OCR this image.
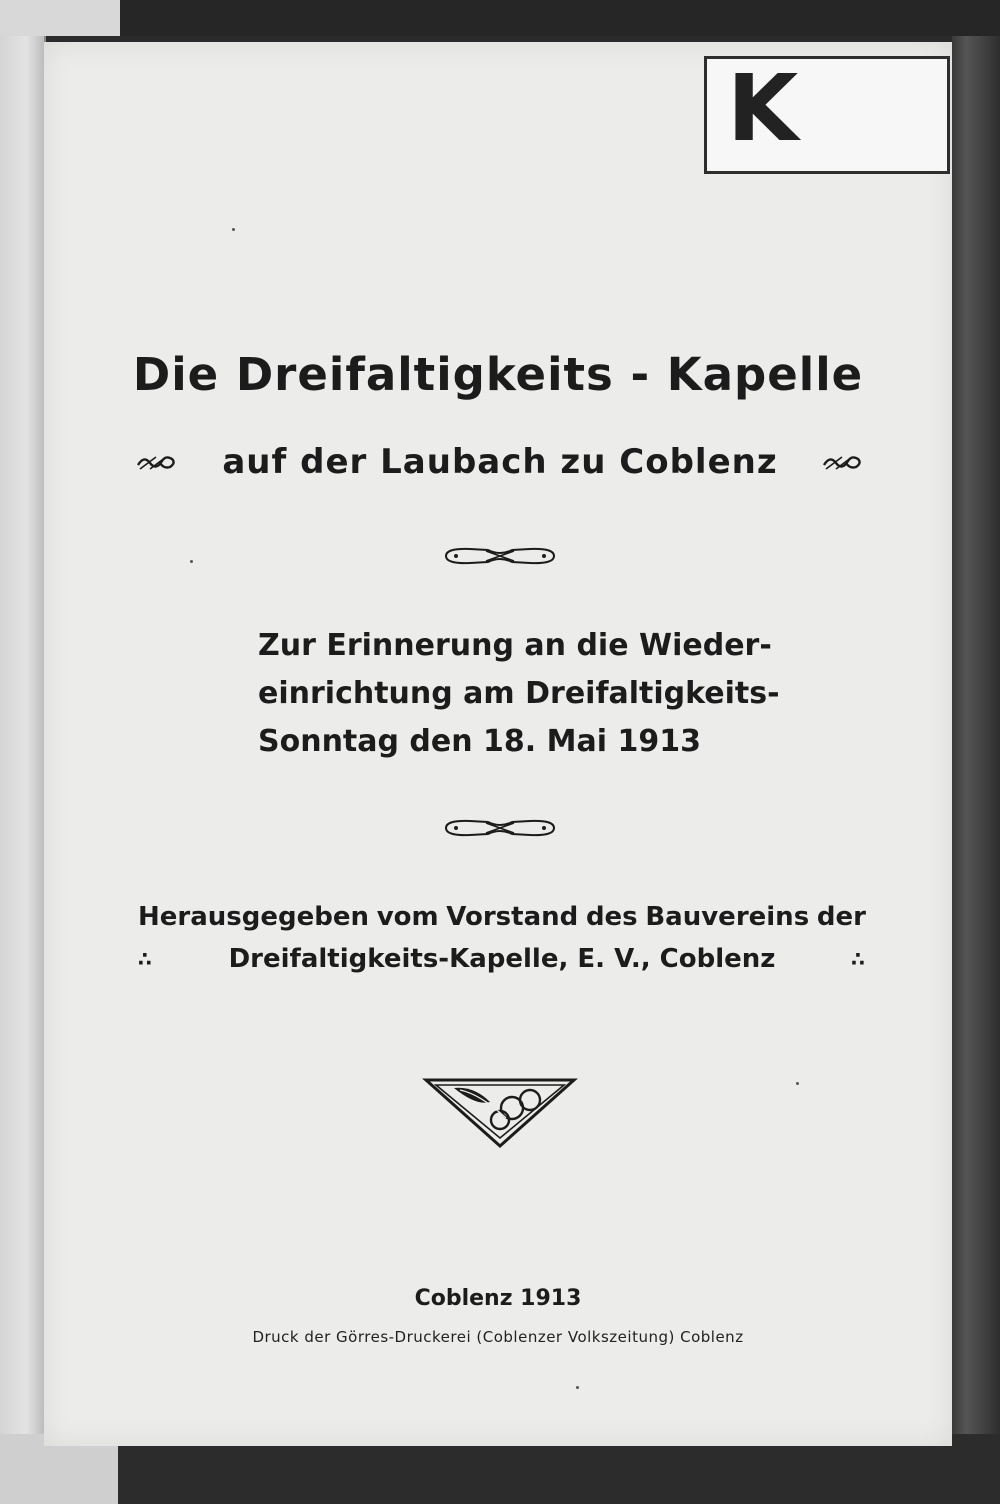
K
Die Dreifaltigkeits - Kapelle
auf der Laubach zu Coblenz
Zur Erinnerung an die Wieder-
einrichtung am Dreifaltigkeits-
Sonntag den 18. Mai 1913
Herausgegeben vom Vorstand des Bauvereins der
∴	Dreifaltigkeits-Kapelle, E. V., Coblenz	∴
Coblenz 1913
Druck der Görres-Druckerei (Coblenzer Volkszeitung) Coblenz
